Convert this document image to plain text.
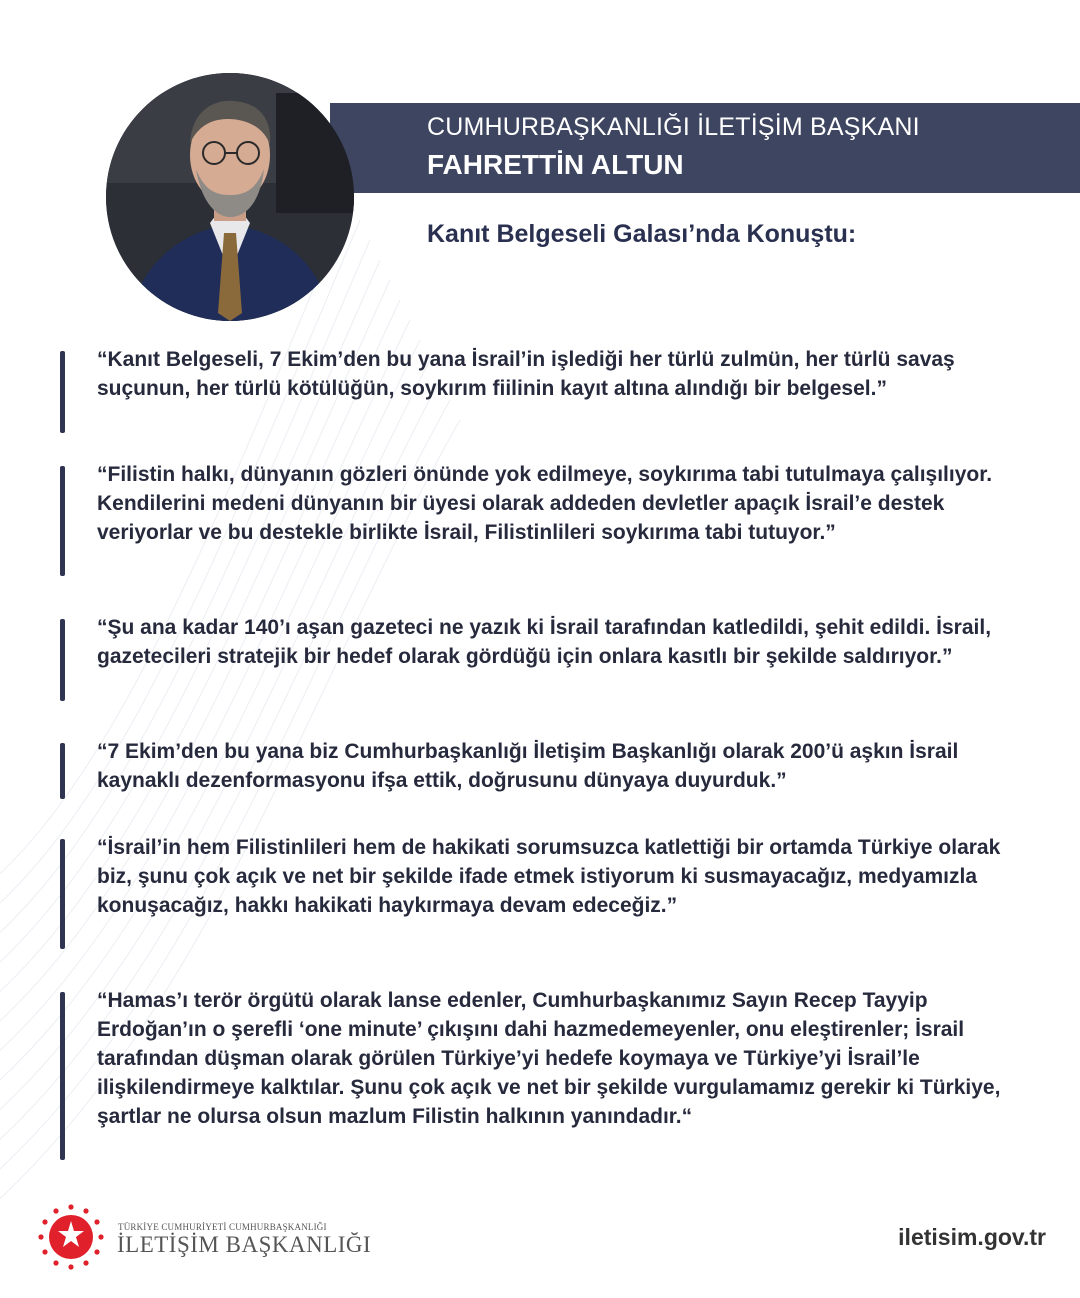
CUMHURBAŞKANLIĞI İLETİŞİM BAŞKANI
FAHRETTİN ALTUN
Kanıt Belgeseli Galası’nda Konuştu:
“Kanıt Belgeseli, 7 Ekim’den bu yana İsrail’in işlediği her türlü zulmün, her türlü savaş suçunun, her türlü kötülüğün, soykırım fiilinin kayıt altına alındığı bir belgesel.”
“Filistin halkı, dünyanın gözleri önünde yok edilmeye, soykırıma tabi tutulmaya çalışılıyor. Kendilerini medeni dünyanın bir üyesi olarak addeden devletler apaçık İsrail’e destek veriyorlar ve bu destekle birlikte İsrail, Filistinlileri soykırıma tabi tutuyor.”
“Şu ana kadar 140’ı aşan gazeteci ne yazık ki İsrail tarafından katledildi, şehit edildi. İsrail, gazetecileri stratejik bir hedef olarak gördüğü için onlara kasıtlı bir şekilde saldırıyor.”
“7 Ekim’den bu yana biz Cumhurbaşkanlığı İletişim Başkanlığı olarak 200’ü aşkın İsrail kaynaklı dezenformasyonu ifşa ettik, doğrusunu dünyaya duyurduk.”
“İsrail’in hem Filistinlileri hem de hakikati sorumsuzca katlettiği bir ortamda Türkiye olarak biz, şunu çok açık ve net bir şekilde ifade etmek istiyorum ki susmayacağız, medyamızla konuşacağız, hakkı hakikati haykırmaya devam edeceğiz.”
“Hamas’ı terör örgütü olarak lanse edenler, Cumhurbaşkanımız Sayın Recep Tayyip Erdoğan’ın o şerefli ‘one minute’ çıkışını dahi hazmedemeyenler, onu eleştirenler; İsrail tarafından düşman olarak görülen Türkiye’yi hedefe koymaya ve Türkiye’yi İsrail’le ilişkilendirmeye kalktılar. Şunu çok açık ve net bir şekilde vurgulamamız gerekir ki Türkiye, şartlar ne olursa olsun mazlum Filistin halkının yanındadır.“
TÜRKİYE CUMHURİYETİ CUMHURBAŞKANLIĞI
İLETİŞİM BAŞKANLIĞI	iletisim.gov.tr
